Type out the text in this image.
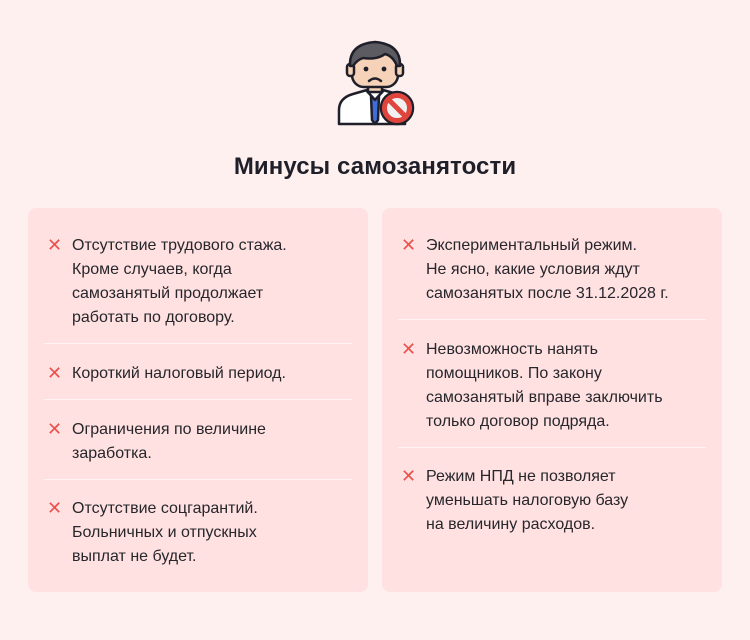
Минусы самозанятости
✕ Отсутствие трудового стажа.
Кроме случаев, когда
самозанятый продолжает
работать по договору.
✕ Короткий налоговый период.
✕ Ограничения по величине
заработка.
✕ Отсутствие соцгарантий.
Больничных и отпускных
выплат не будет.
✕ Экспериментальный режим.
Не ясно, какие условия ждут
самозанятых после 31.12.2028 г.
✕ Невозможность нанять
помощников. По закону
самозанятый вправе заключить
только договор подряда.
✕ Режим НПД не позволяет
уменьшать налоговую базу
на величину расходов.
